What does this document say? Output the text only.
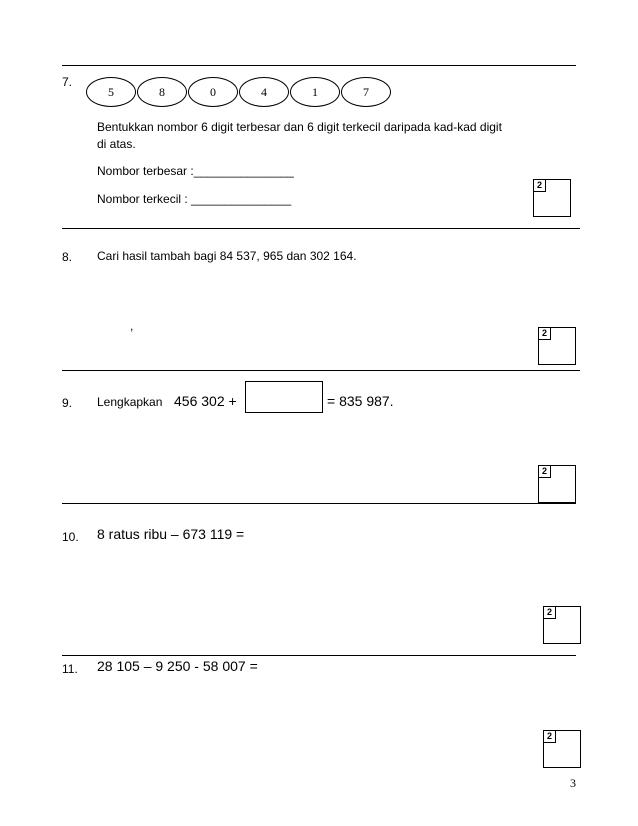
7.
5	8	0	4	1	7
Bentukkan nombor 6 digit terbesar dan 6 digit terkecil daripada kad-kad digit
di atas.
Nombor terbesar :_______________
Nombor terkecil : _______________
2
8. Cari hasil tambah bagi 84 537, 965 dan 302 164.
,	2
9. Lengkapkan 456 302 +	= 835 987.
2
10. 8 ratus ribu – 673 119 =
2
11. 28 105 – 9 250 - 58 007 =
2
3
